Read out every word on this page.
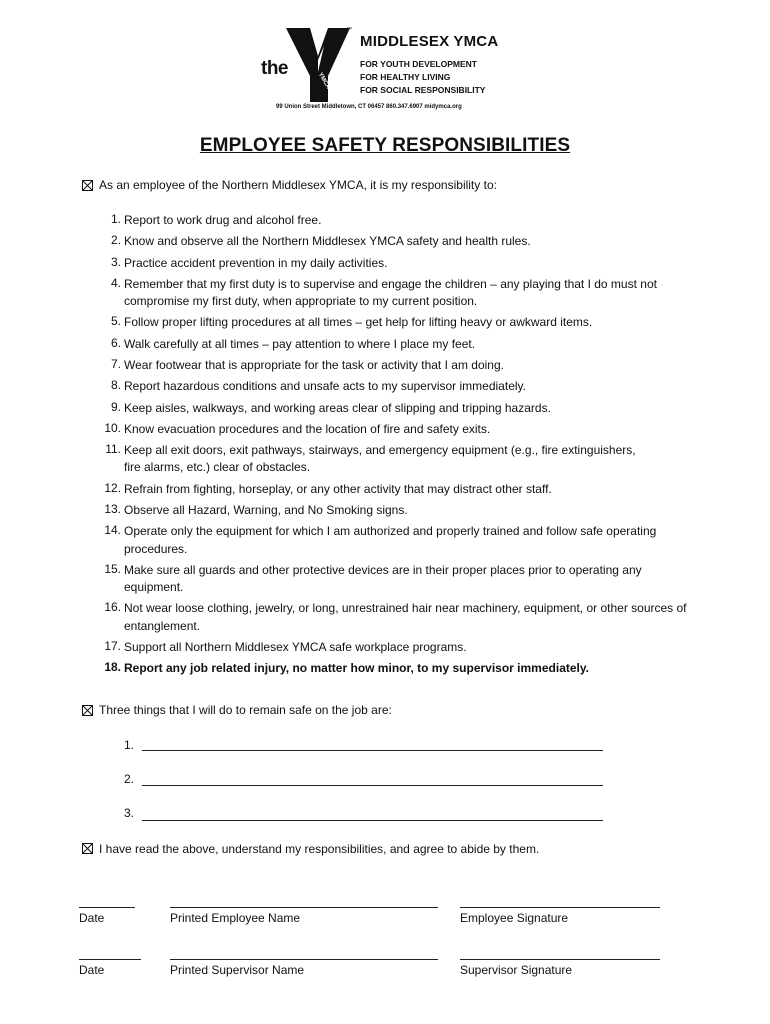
the
YMCA
™
MIDDLESEX YMCA
FOR YOUTH DEVELOPMENT
FOR HEALTHY LIVING
FOR SOCIAL RESPONSIBILITY
99 Union Street Middletown, CT 06457 860.347.6907 midymca.org
EMPLOYEE SAFETY RESPONSIBILITIES
As an employee of the Northern Middlesex YMCA, it is my responsibility to:
1. Report to work drug and alcohol free.
2. Know and observe all the Northern Middlesex YMCA safety and health rules.
3. Practice accident prevention in my daily activities.
4. Remember that my first duty is to supervise and engage the children – any playing that I do must not
compromise my first duty, when appropriate to my current position.
5. Follow proper lifting procedures at all times – get help for lifting heavy or awkward items.
6. Walk carefully at all times – pay attention to where I place my feet.
7. Wear footwear that is appropriate for the task or activity that I am doing.
8. Report hazardous conditions and unsafe acts to my supervisor immediately.
9. Keep aisles, walkways, and working areas clear of slipping and tripping hazards.
10. Know evacuation procedures and the location of fire and safety exits.
11. Keep all exit doors, exit pathways, stairways, and emergency equipment (e.g., fire extinguishers,
fire alarms, etc.) clear of obstacles.
12. Refrain from fighting, horseplay, or any other activity that may distract other staff.
13. Observe all Hazard, Warning, and No Smoking signs.
14. Operate only the equipment for which I am authorized and properly trained and follow safe operating
procedures.
15. Make sure all guards and other protective devices are in their proper places prior to operating any
equipment.
16. Not wear loose clothing, jewelry, or long, unrestrained hair near machinery, equipment, or other sources of
entanglement.
17. Support all Northern Middlesex YMCA safe workplace programs.
18. Report any job related injury, no matter how minor, to my supervisor immediately.
Three things that I will do to remain safe on the job are:
1.
2.
3.
I have read the above, understand my responsibilities, and agree to abide by them.
Date	Printed Employee Name	Employee Signature
Date	Printed Supervisor Name	Supervisor Signature
